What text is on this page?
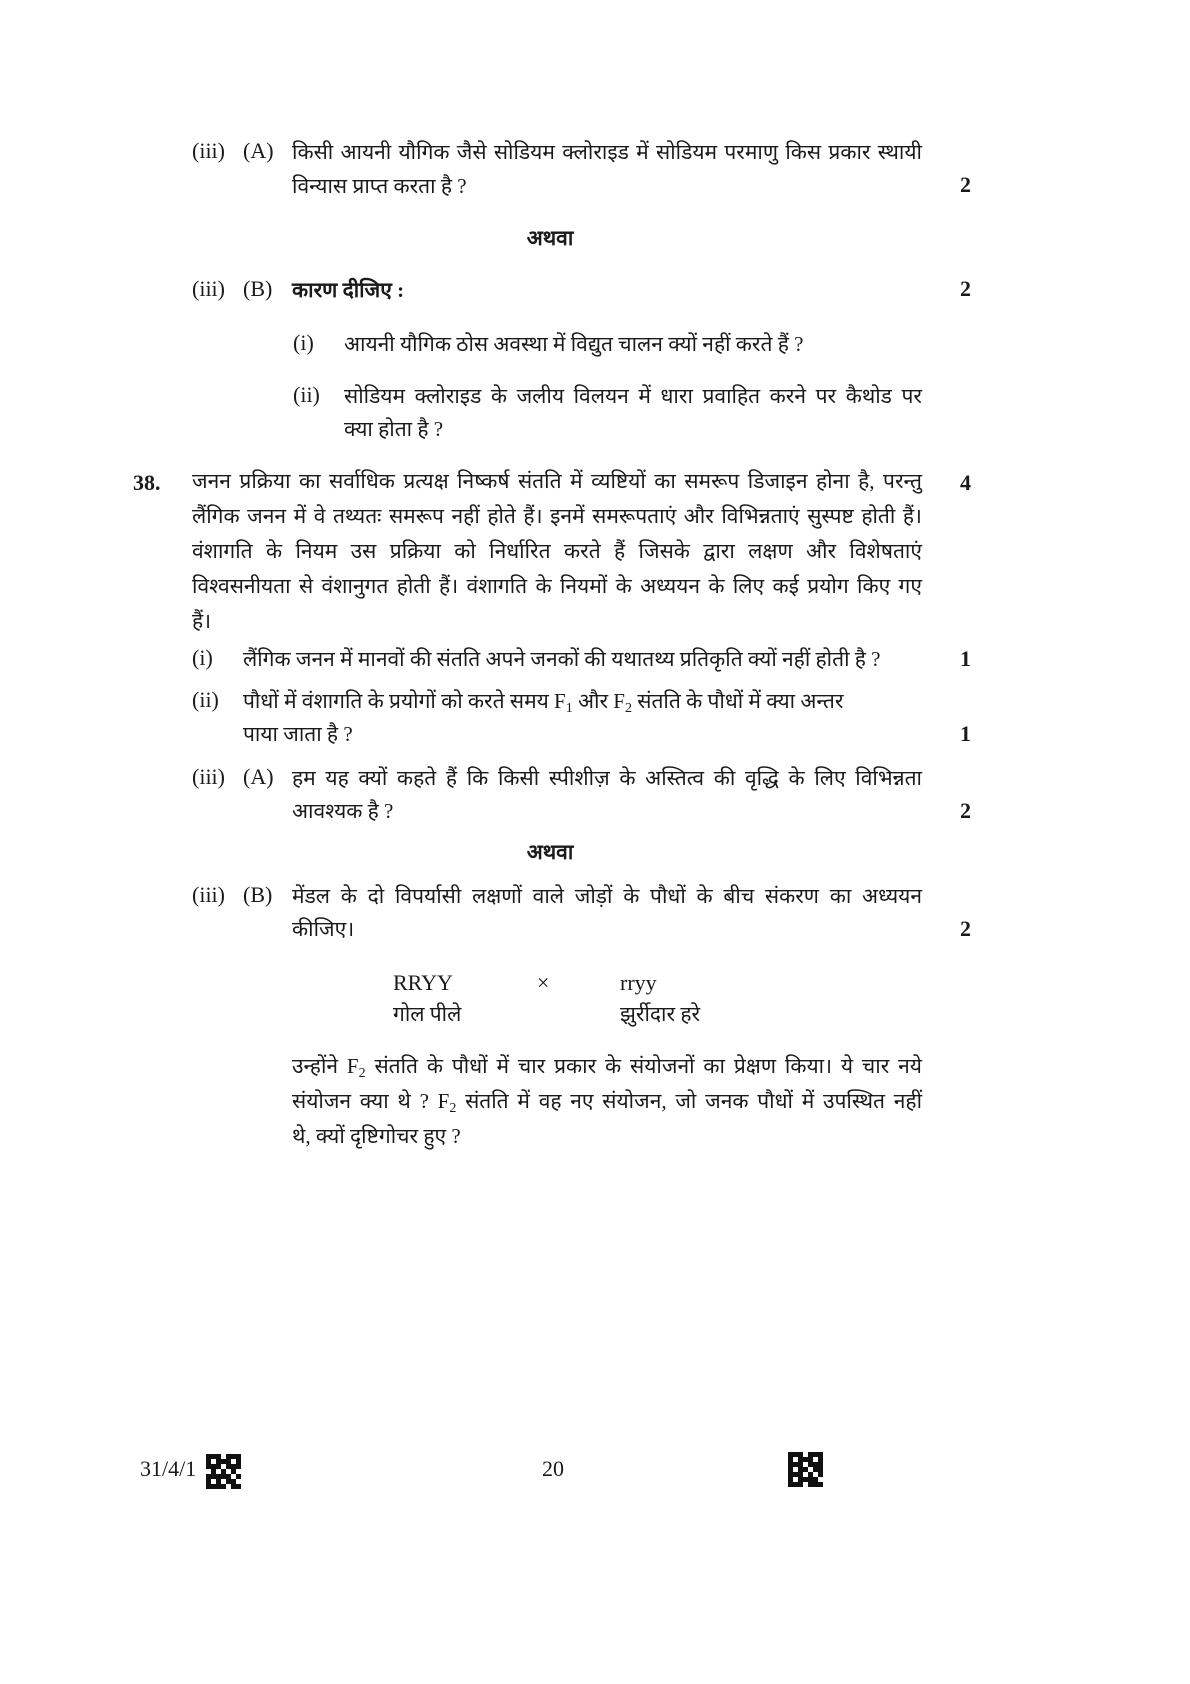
(iii) (A) किसी आयनी यौगिक जैसे सोडियम क्लोराइड में सोडियम परमाणु किस प्रकार स्थायी
विन्यास प्राप्त करता है ?	2
अथवा
(iii) (B) कारण दीजिए :	2
(i) आयनी यौगिक ठोस अवस्था में विद्युत चालन क्यों नहीं करते हैं ?
(ii) सोडियम क्लोराइड के जलीय विलयन में धारा प्रवाहित करने पर कैथोड पर
क्या होता है ?
38.	4
जनन प्रक्रिया का सर्वाधिक प्रत्यक्ष निष्कर्ष संतति में व्यष्टियों का समरूप डिजाइन होना है, परन्तु
लैंगिक जनन में वे तथ्यतः समरूप नहीं होते हैं। इनमें समरूपताएं और विभिन्नताएं सुस्पष्ट होती हैं।
वंशागति के नियम उस प्रक्रिया को निर्धारित करते हैं जिसके द्वारा लक्षण और विशेषताएं
विश्वसनीयता से वंशानुगत होती हैं। वंशागति के नियमों के अध्ययन के लिए कई प्रयोग किए गए
हैं।
(i) लैंगिक जनन में मानवों की संतति अपने जनकों की यथातथ्य प्रतिकृति क्यों नहीं होती है ?	1
(ii) पौधों में वंशागति के प्रयोगों को करते समय $F_1$ और $F_2$ संतति के पौधों में क्या अन्तर
पाया जाता है ?	1
(iii) (A) हम यह क्यों कहते हैं कि किसी स्पीशीज़ के अस्तित्व की वृद्धि के लिए विभिन्नता
आवश्यक है ?	2
अथवा
(iii) (B) मेंडल के दो विपर्यासी लक्षणों वाले जोड़ों के पौधों के बीच संकरण का अध्ययन
कीजिए।	2
RRYY	×	rryy
गोल पीले	झुर्रीदार हरे
उन्होंने $F_2$ संतति के पौधों में चार प्रकार के संयोजनों का प्रेक्षण किया। ये चार नये
संयोजन क्या थे ? $F_2$ संतति में वह नए संयोजन, जो जनक पौधों में उपस्थित नहीं
थे, क्यों दृष्टिगोचर हुए ?
31/4/1	20
